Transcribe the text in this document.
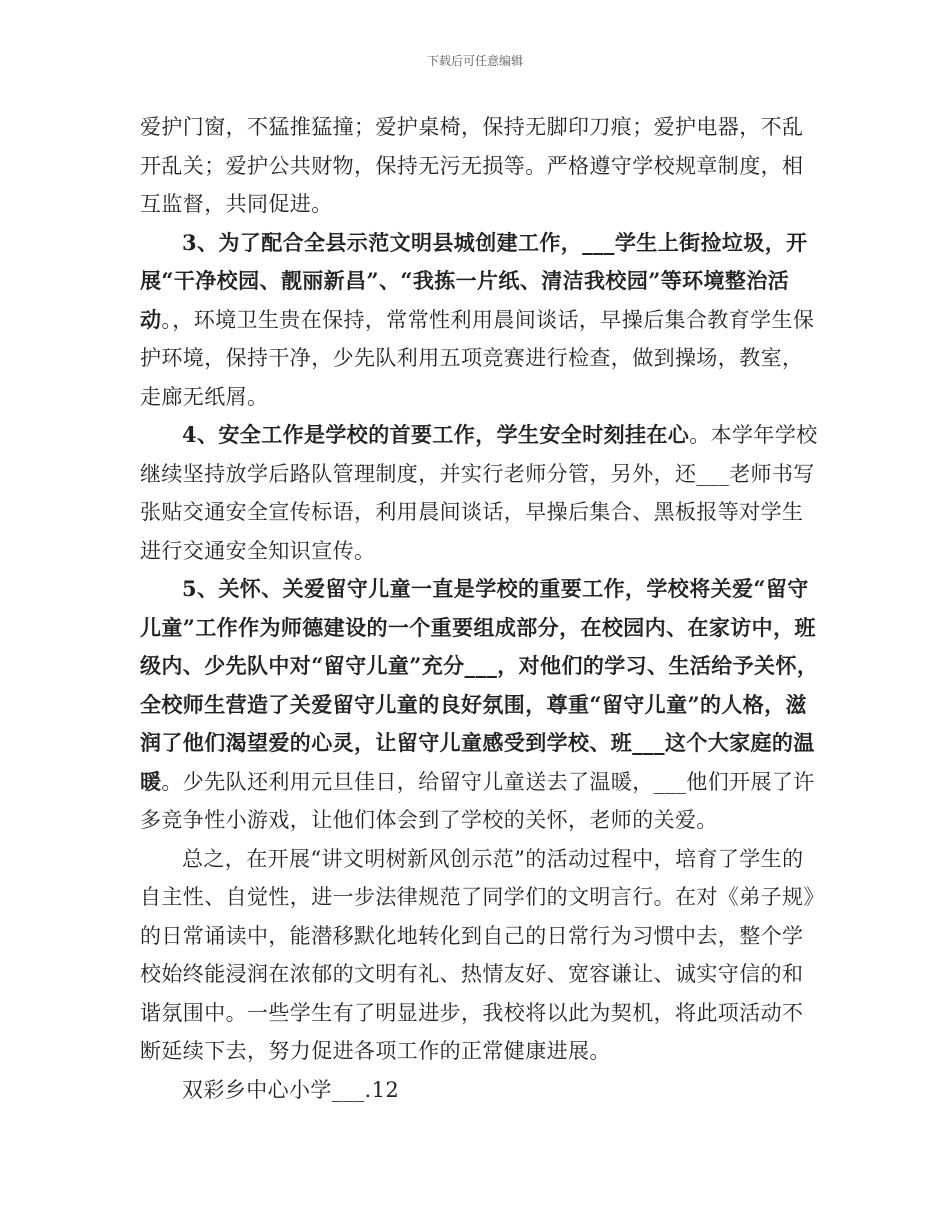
下载后可任意编辑

爱护门窗，不猛推猛撞；爱护桌椅，保持无脚印刀痕；爱护电器，不乱开乱关；爱护公共财物，保持无污无损等。严格遵守学校规章制度，相互监督，共同促进。

3、为了配合全县示范文明县城创建工作，___学生上街捡垃圾，开展“干净校园、靓丽新昌”、“我拣一片纸、清洁我校园”等环境整治活动。，环境卫生贵在保持，常常性利用晨间谈话，早操后集合教育学生保护环境，保持干净，少先队利用五项竞赛进行检查，做到操场，教室，走廊无纸屑。

4、安全工作是学校的首要工作，学生安全时刻挂在心。本学年学校继续坚持放学后路队管理制度，并实行老师分管，另外，还___老师书写张贴交通安全宣传标语，利用晨间谈话，早操后集合、黑板报等对学生进行交通安全知识宣传。

5、关怀、关爱留守儿童一直是学校的重要工作，学校将关爱“留守儿童”工作作为师德建设的一个重要组成部分，在校园内、在家访中，班级内、少先队中对“留守儿童”充分___，对他们的学习、生活给予关怀，全校师生营造了关爱留守儿童的良好氛围，尊重“留守儿童”的人格，滋润了他们渴望爱的心灵，让留守儿童感受到学校、班___这个大家庭的温暖。少先队还利用元旦佳日，给留守儿童送去了温暖，___他们开展了许多竞争性小游戏，让他们体会到了学校的关怀，老师的关爱。

总之，在开展“讲文明树新风创示范”的活动过程中，培育了学生的自主性、自觉性，进一步法律规范了同学们的文明言行。在对《弟子规》的日常诵读中，能潜移默化地转化到自己的日常行为习惯中去，整个学校始终能浸润在浓郁的文明有礼、热情友好、宽容谦让、诚实守信的和谐氛围中。一些学生有了明显进步，我校将以此为契机，将此项活动不断延续下去，努力促进各项工作的正常健康进展。

双彩乡中心小学___.12
